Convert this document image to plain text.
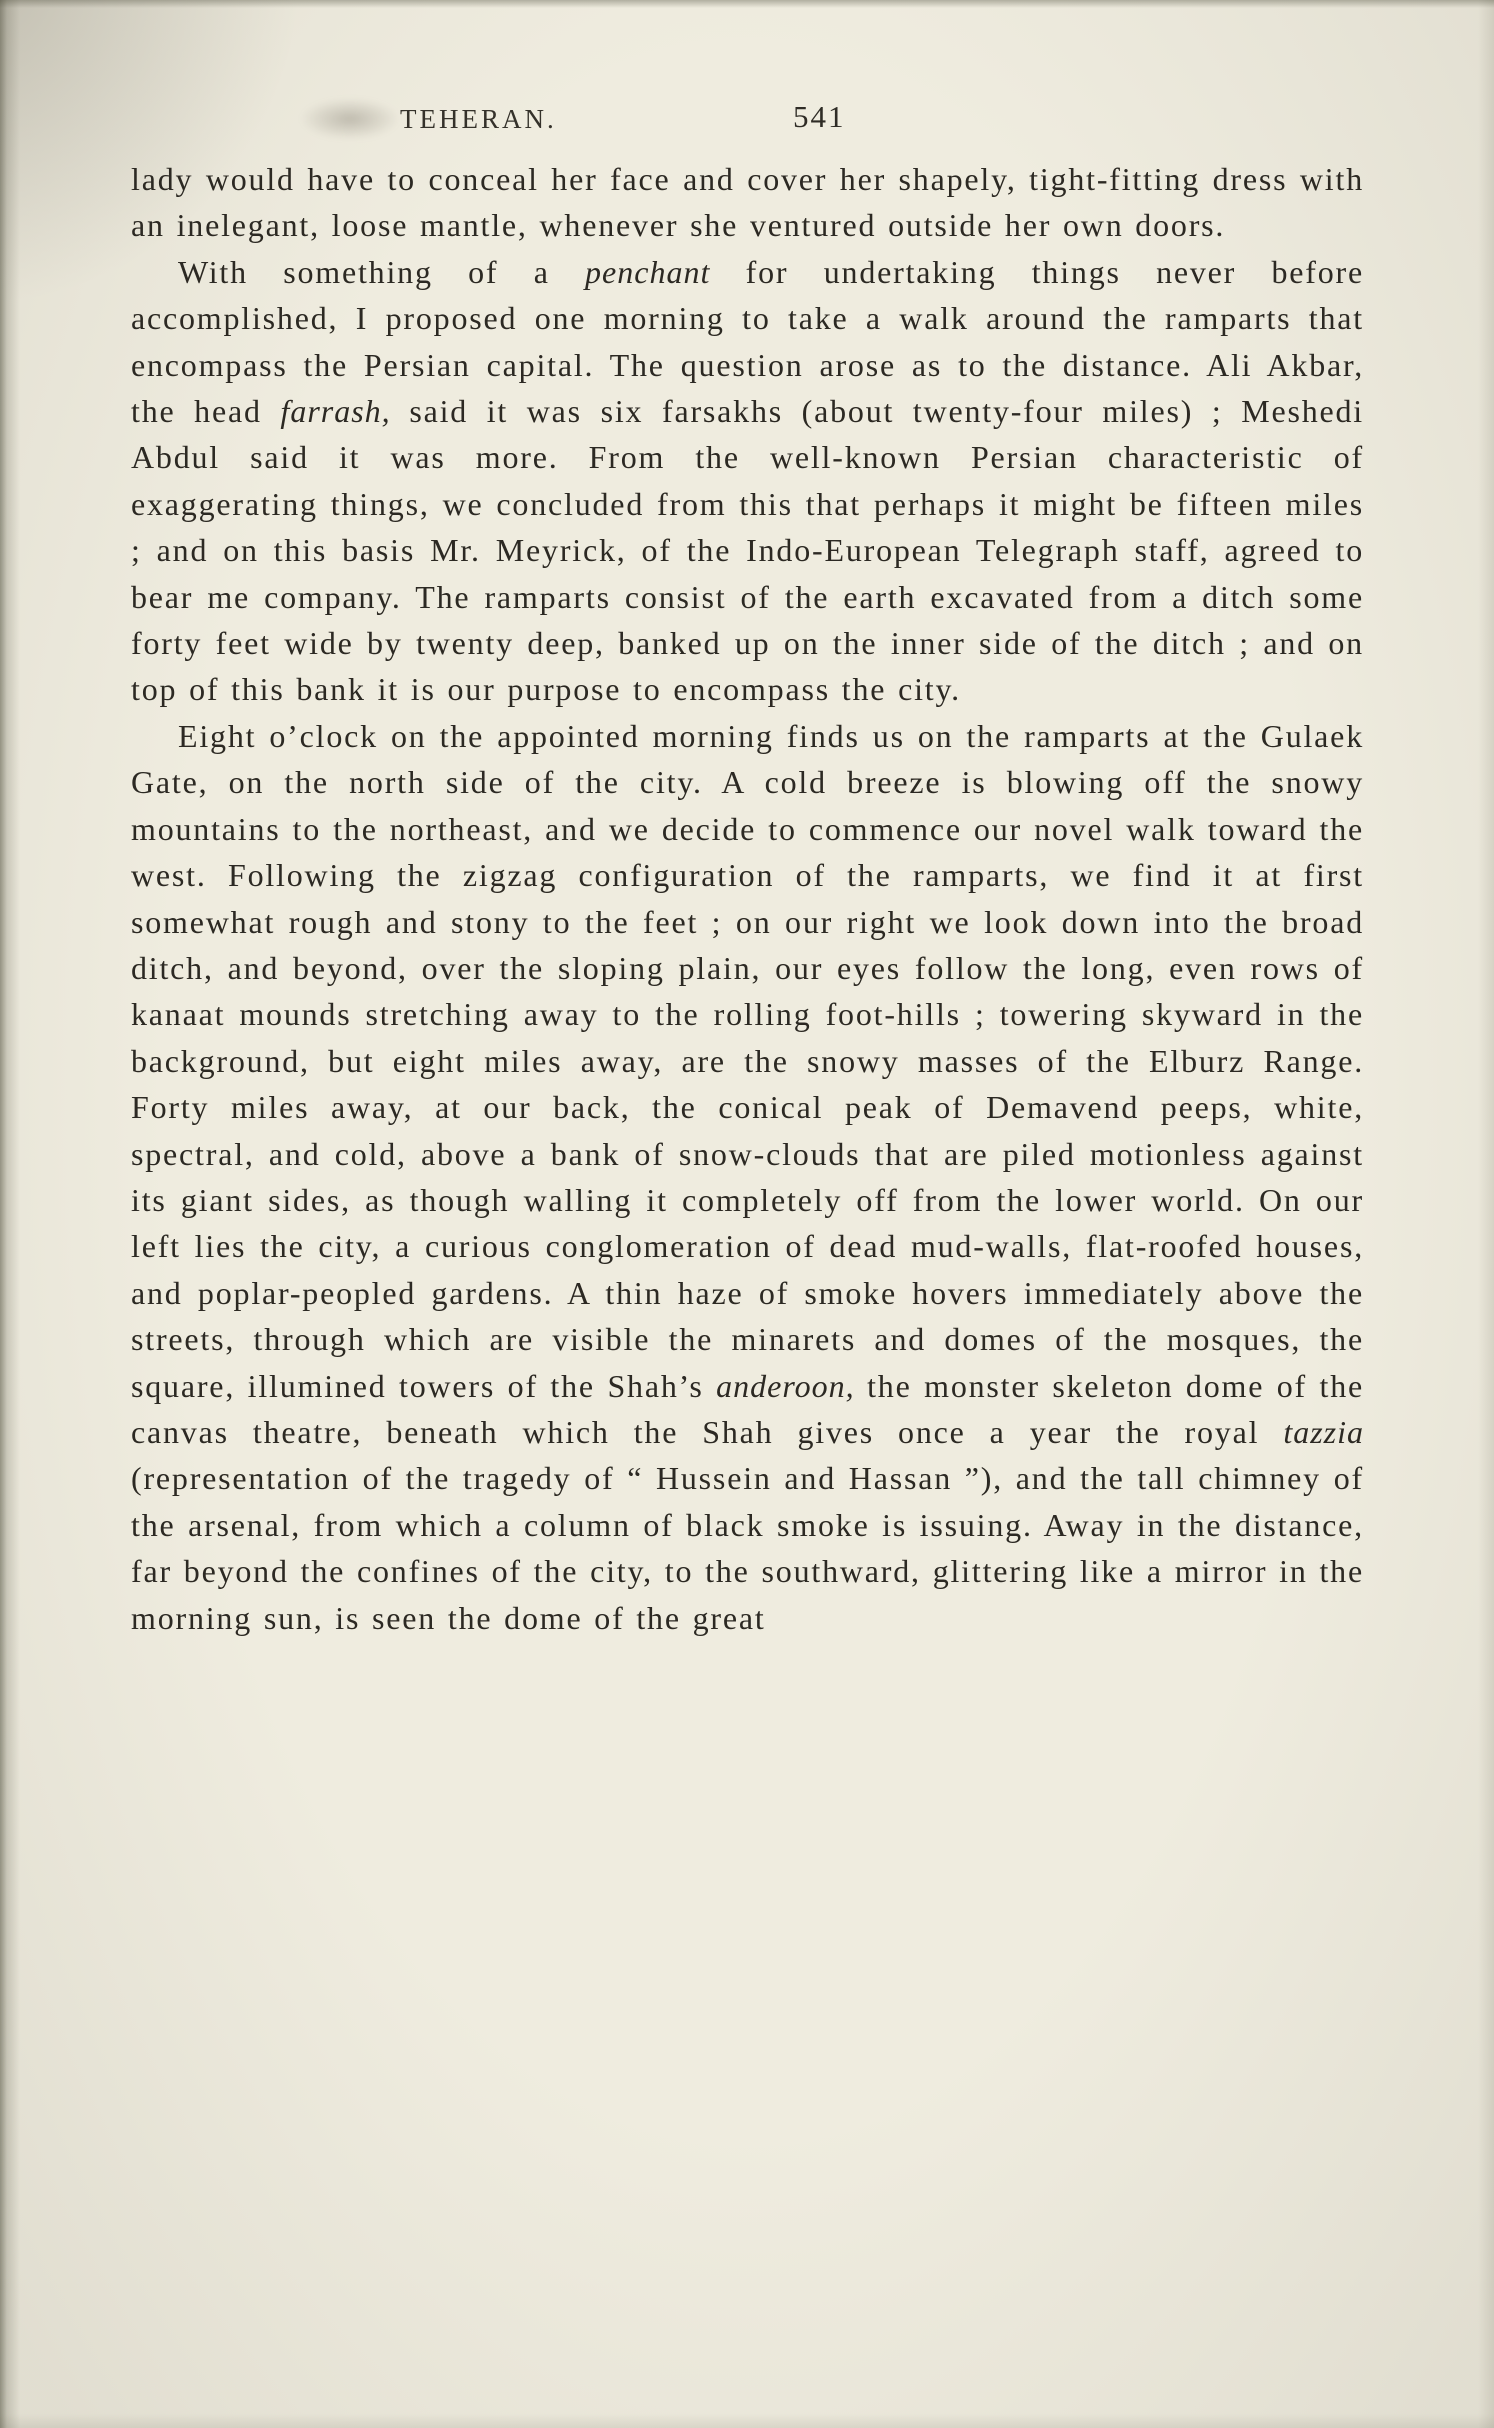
TEHERAN.	541

lady would have to conceal her face and cover her shapely, tight-fitting dress with an inelegant, loose mantle, whenever she ventured outside her own doors.

With something of a penchant for undertaking things never before accomplished, I proposed one morning to take a walk around the ramparts that encompass the Persian capital. The question arose as to the distance. Ali Akbar, the head farrash, said it was six farsakhs (about twenty-four miles) ; Meshedi Abdul said it was more. From the well-known Persian characteristic of exaggerating things, we concluded from this that perhaps it might be fifteen miles ; and on this basis Mr. Meyrick, of the Indo-European Telegraph staff, agreed to bear me company. The ramparts consist of the earth excavated from a ditch some forty feet wide by twenty deep, banked up on the inner side of the ditch ; and on top of this bank it is our purpose to encompass the city.

Eight o’clock on the appointed morning finds us on the ramparts at the Gulaek Gate, on the north side of the city. A cold breeze is blowing off the snowy mountains to the northeast, and we decide to commence our novel walk toward the west. Following the zigzag configuration of the ramparts, we find it at first somewhat rough and stony to the feet ; on our right we look down into the broad ditch, and beyond, over the sloping plain, our eyes follow the long, even rows of kanaat mounds stretching away to the rolling foot-hills ; towering skyward in the background, but eight miles away, are the snowy masses of the Elburz Range. Forty miles away, at our back, the conical peak of Demavend peeps, white, spectral, and cold, above a bank of snow-clouds that are piled motionless against its giant sides, as though walling it completely off from the lower world. On our left lies the city, a curious conglomeration of dead mud-walls, flat-roofed houses, and poplar-peopled gardens. A thin haze of smoke hovers immediately above the streets, through which are visible the minarets and domes of the mosques, the square, illumined towers of the Shah’s anderoon, the monster skeleton dome of the canvas theatre, beneath which the Shah gives once a year the royal tazzia (representation of the tragedy of “ Hussein and Hassan ”), and the tall chimney of the arsenal, from which a column of black smoke is issuing. Away in the distance, far beyond the confines of the city, to the southward, glittering like a mirror in the morning sun, is seen the dome of the great
